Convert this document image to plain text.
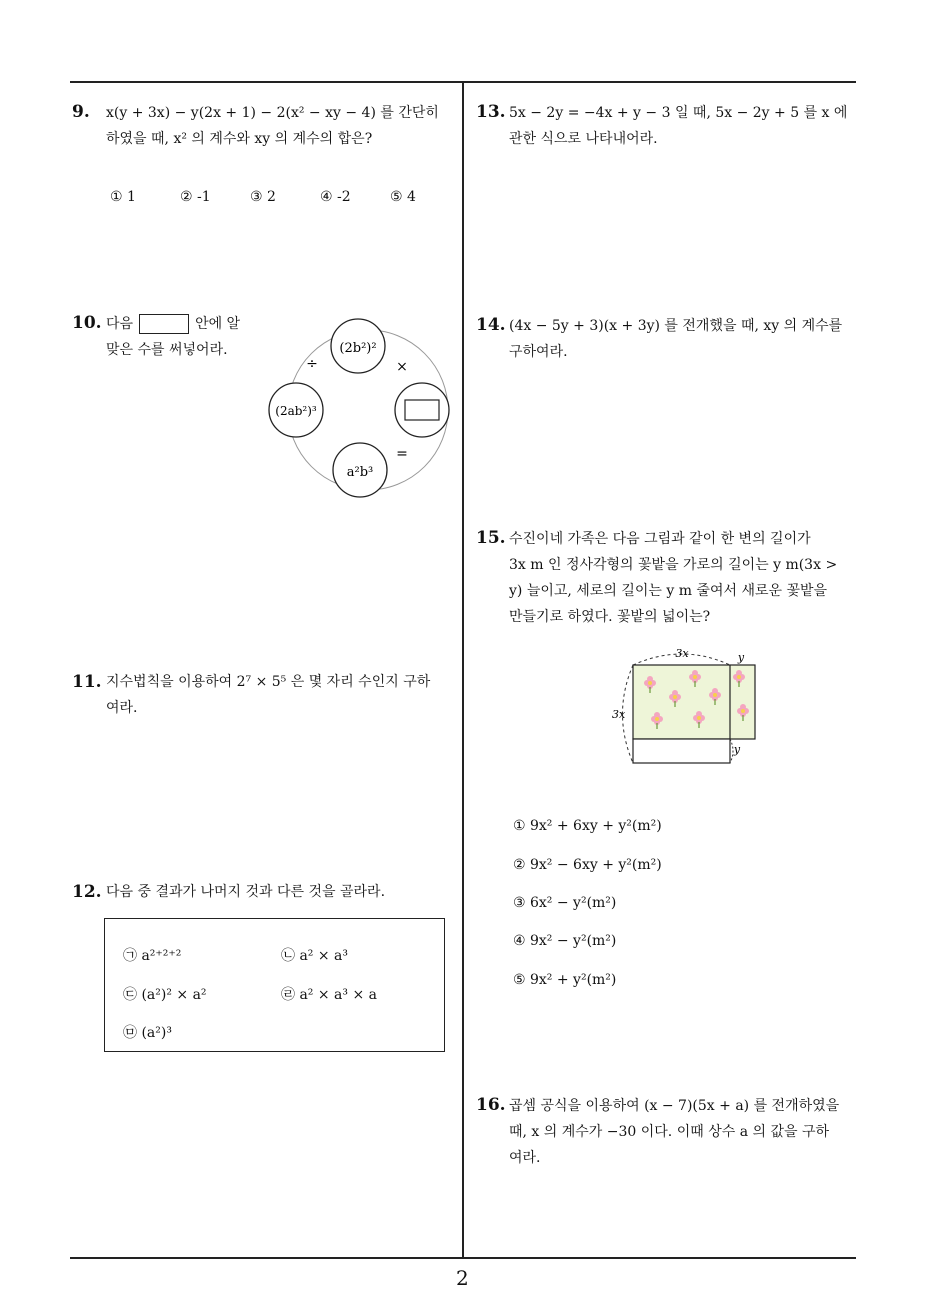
9. x(y + 3x) − y(2x + 1) − 2(x² − xy − 4) 를 간단히
하였을 때, x² 의 계수와 xy 의 계수의 합은?
① 1	② -1	③ 2	④ -2	⑤ 4
10. 다음	안에 알
맞은 수를 써넣어라.	(2b²)²
(2ab²)³
a²b³
÷	×
=
11. 지수법칙을 이용하여 2⁷ × 5⁵ 은 몇 자리 수인지 구하
여라.
12. 다음 중 결과가 나머지 것과 다른 것을 골라라.
㉠ a²⁺²⁺²	㉡ a² × a³
㉢ (a²)² × a²	㉣ a² × a³ × a
㉤ (a²)³
13. 5x − 2y = −4x + y − 3 일 때, 5x − 2y + 5 를 x 에
관한 식으로 나타내어라.
14. (4x − 5y + 3)(x + 3y) 를 전개했을 때, xy 의 계수를
구하여라.
15. 수진이네 가족은 다음 그림과 같이 한 변의 길이가
3x m 인 정사각형의 꽃밭을 가로의 길이는 y m(3x >
y) 늘이고, 세로의 길이는 y m 줄여서 새로운 꽃밭을
만들기로 하였다. 꽃밭의 넓이는?
3x	y
3x
y
① 9x² + 6xy + y²(m²)
② 9x² − 6xy + y²(m²)
③ 6x² − y²(m²)
④ 9x² − y²(m²)
⑤ 9x² + y²(m²)
16. 곱셈 공식을 이용하여 (x − 7)(5x + a) 를 전개하였을
때, x 의 계수가 −30 이다. 이때 상수 a 의 값을 구하
여라.
2
